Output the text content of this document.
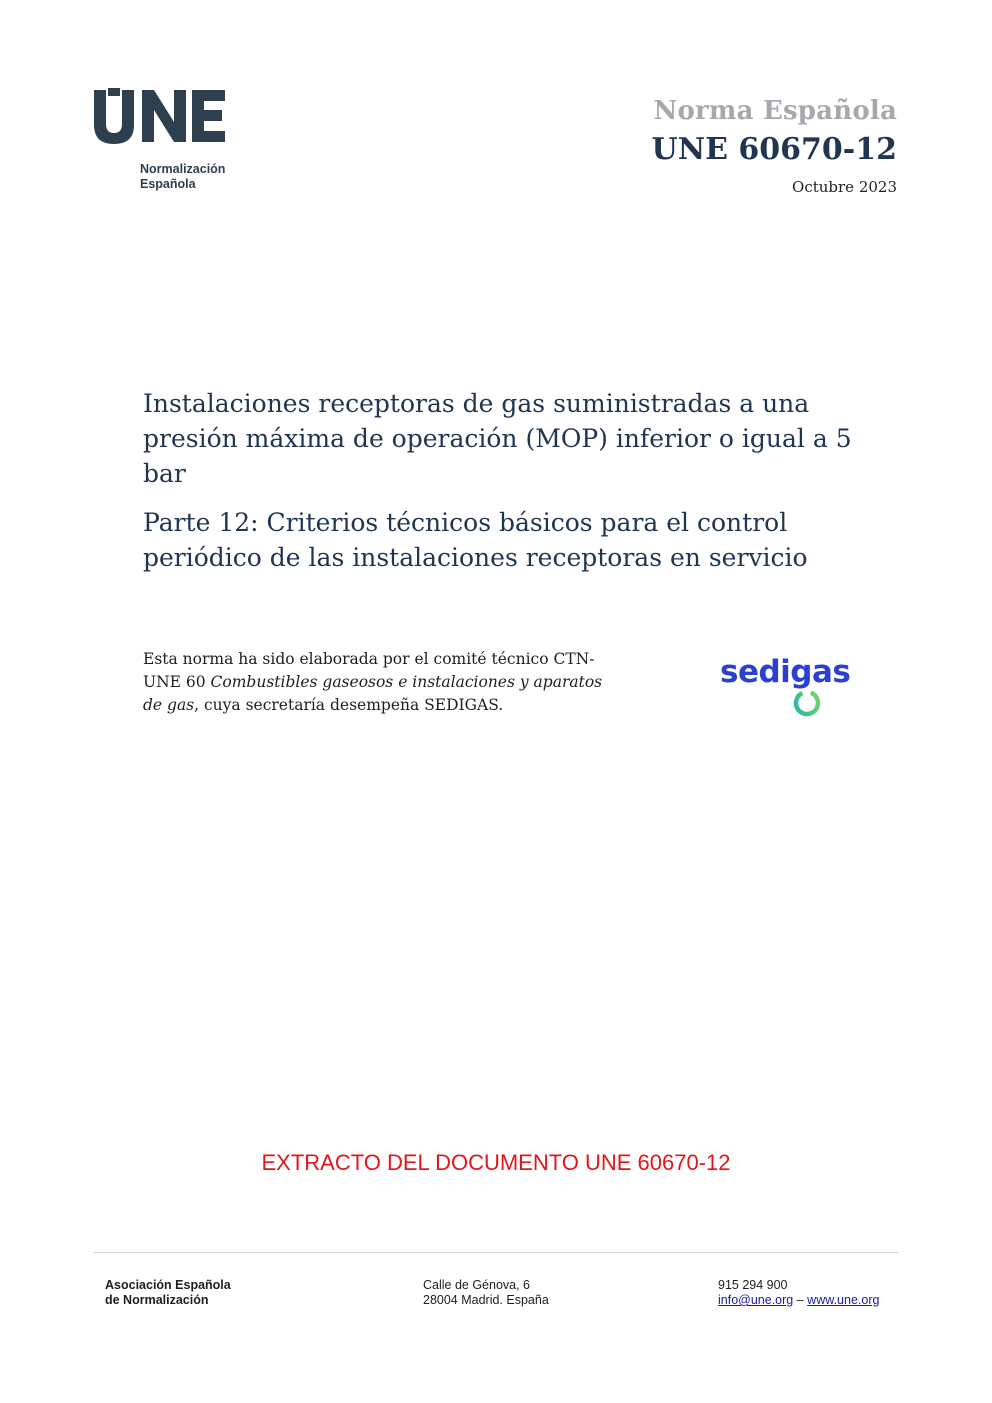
Normalización
Española
Norma Española
UNE 60670-12
Octubre 2023
Instalaciones receptoras de gas suministradas a una presión máxima de operación (MOP) inferior o igual a 5 bar
Parte 12: Criterios técnicos básicos para el control periódico de las instalaciones receptoras en servicio
Esta norma ha sido elaborada por el comité técnico CTN-UNE 60 Combustibles gaseosos e instalaciones y aparatos de gas, cuya secretaría desempeña SEDIGAS.
sedigas
EXTRACTO DEL DOCUMENTO UNE 60670-12
Asociación Española
de Normalización
Calle de Génova, 6
28004 Madrid. España
915 294 900
info@une.org – www.une.org
